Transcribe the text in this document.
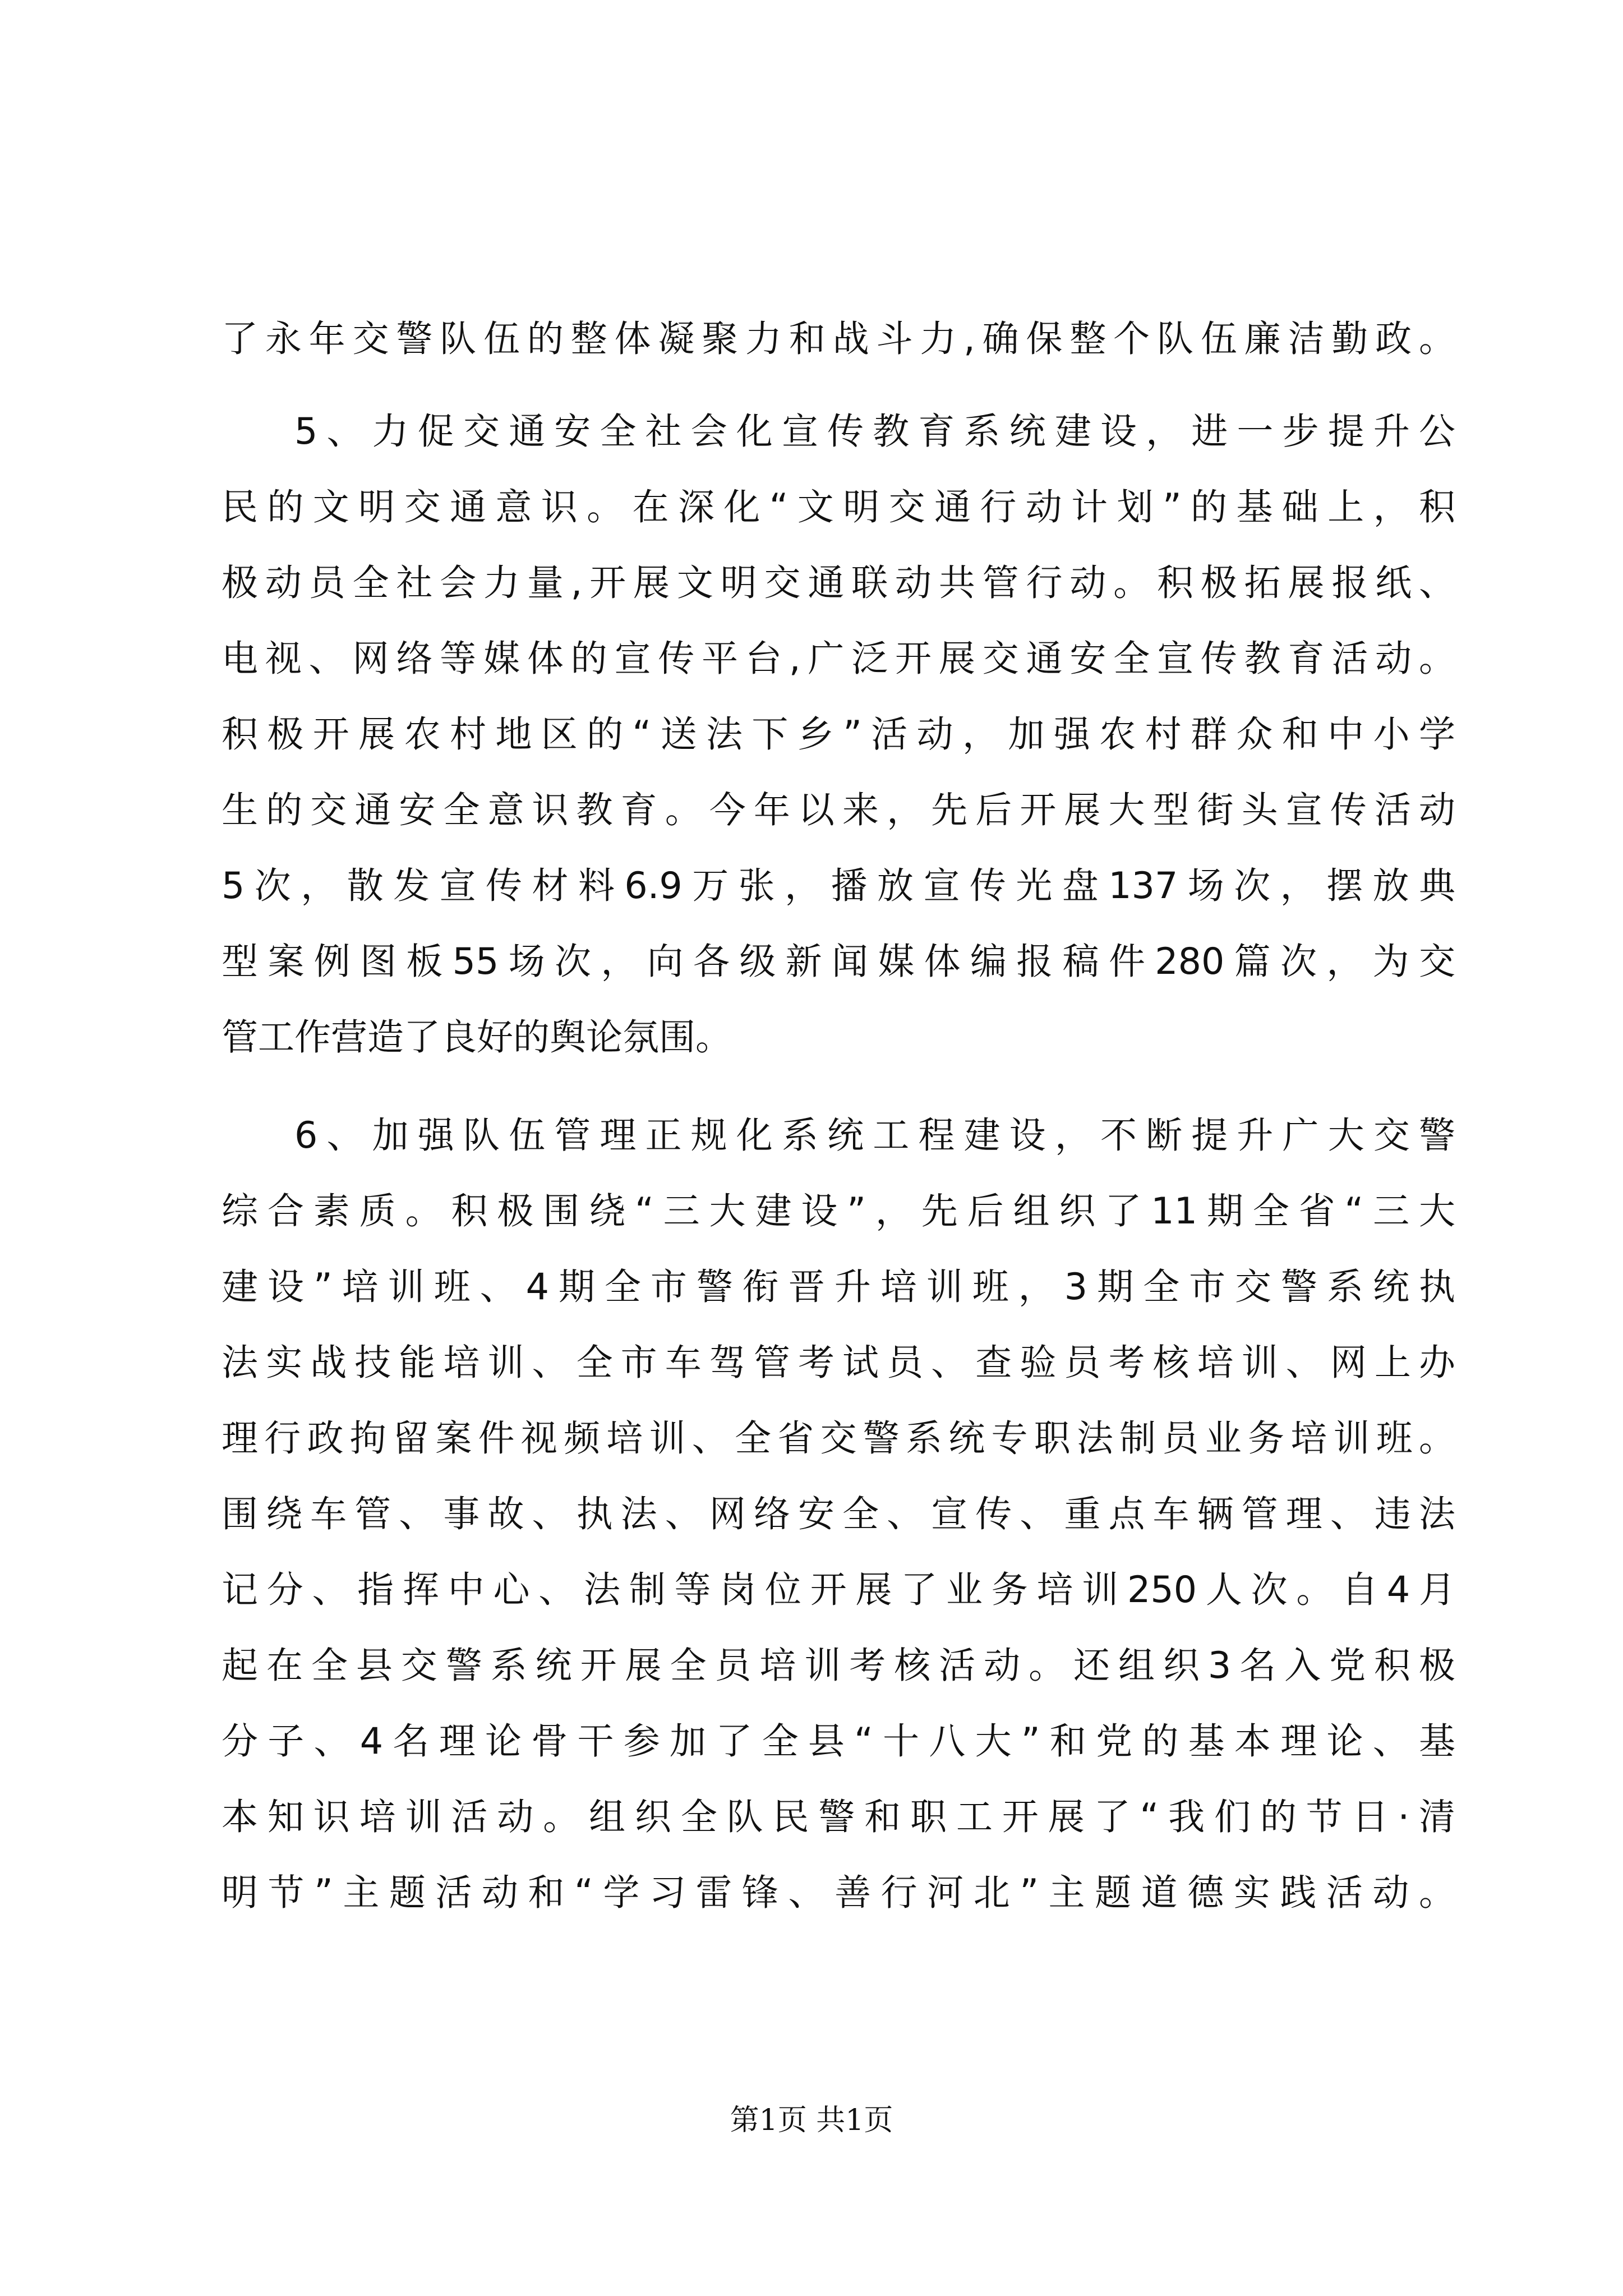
了永年交警队伍的整体凝聚力和战斗力,确保整个队伍廉洁勤政。
5、力促交通安全社会化宣传教育系统建设，进一步提升公
民的文明交通意识。在深化“文明交通行动计划”的基础上，积
极动员全社会力量,开展文明交通联动共管行动。积极拓展报纸、
电视、网络等媒体的宣传平台,广泛开展交通安全宣传教育活动。
积极开展农村地区的“送法下乡”活动，加强农村群众和中小学
生的交通安全意识教育。今年以来，先后开展大型街头宣传活动
5次，散发宣传材料6.9万张，播放宣传光盘137场次，摆放典
型案例图板55场次，向各级新闻媒体编报稿件280篇次，为交
管工作营造了良好的舆论氛围。
6、加强队伍管理正规化系统工程建设，不断提升广大交警
综合素质。积极围绕“三大建设”，先后组织了11期全省“三大
建设”培训班、4期全市警衔晋升培训班，3期全市交警系统执
法实战技能培训、全市车驾管考试员、查验员考核培训、网上办
理行政拘留案件视频培训、全省交警系统专职法制员业务培训班。
围绕车管、事故、执法、网络安全、宣传、重点车辆管理、违法
记分、指挥中心、法制等岗位开展了业务培训250人次。自4月
起在全县交警系统开展全员培训考核活动。还组织3名入党积极
分子、4名理论骨干参加了全县“十八大”和党的基本理论、基
本知识培训活动。组织全队民警和职工开展了“我们的节日·清
明节”主题活动和“学习雷锋、善行河北”主题道德实践活动。
第1页 共1页
